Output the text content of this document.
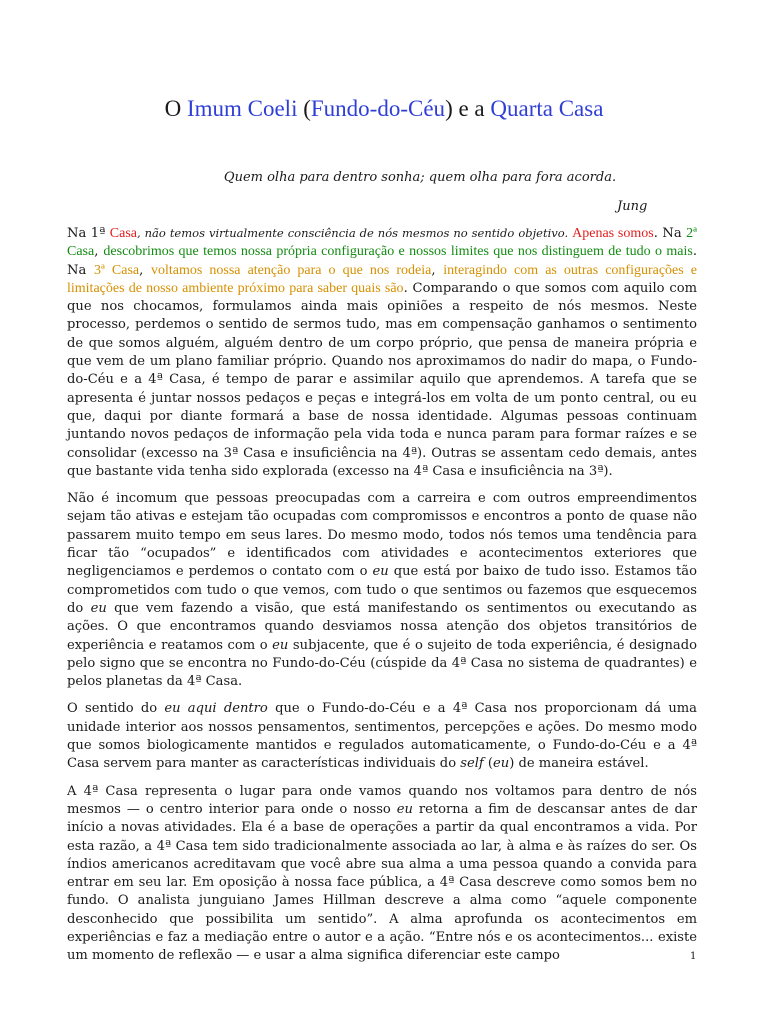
O Imum Coeli (Fundo-do-Céu) e a Quarta Casa
Quem olha para dentro sonha; quem olha para fora acorda.
Jung

Na 1ª Casa, não temos virtualmente consciência de nós mesmos no sentido objetivo. Apenas somos. Na 2ª Casa, descobrimos que temos nossa própria configuração e nossos limites que nos distinguem de tudo o mais. Na 3ª Casa, voltamos nossa atenção para o que nos rodeia, interagindo com as outras configurações e limitações de nosso ambiente próximo para saber quais são. Comparando o que somos com aquilo com que nos chocamos, formulamos ainda mais opiniões a respeito de nós mesmos. Neste processo, perdemos o sentido de sermos tudo, mas em compensação ganhamos o sentimento de que somos alguém, alguém dentro de um corpo próprio, que pensa de maneira própria e que vem de um plano familiar próprio. Quando nos aproximamos do nadir do mapa, o Fundo-do-Céu e a 4ª Casa, é tempo de parar e assimilar aquilo que aprendemos. A tarefa que se apresenta é juntar nossos pedaços e peças e integrá-los em volta de um ponto central, ou eu que, daqui por diante formará a base de nossa identidade. Algumas pessoas continuam juntando novos pedaços de informação pela vida toda e nunca param para formar raízes e se consolidar (excesso na 3ª Casa e insuficiência na 4ª). Outras se assentam cedo demais, antes que bastante vida tenha sido explorada (excesso na 4ª Casa e insuficiência na 3ª).

Não é incomum que pessoas preocupadas com a carreira e com outros empreendimentos sejam tão ativas e estejam tão ocupadas com compromissos e encontros a ponto de quase não passarem muito tempo em seus lares. Do mesmo modo, todos nós temos uma tendência para ficar tão “ocupados” e identificados com atividades e acontecimentos exteriores que negligenciamos e perdemos o contato com o eu que está por baixo de tudo isso. Estamos tão comprometidos com tudo o que vemos, com tudo o que sentimos ou fazemos que esquecemos do eu que vem fazendo a visão, que está manifestando os sentimentos ou executando as ações. O que encontramos quando desviamos nossa atenção dos objetos transitórios de experiência e reatamos com o eu subjacente, que é o sujeito de toda experiência, é designado pelo signo que se encontra no Fundo-do-Céu (cúspide da 4ª Casa no sistema de quadrantes) e pelos planetas da 4ª Casa.

O sentido do eu aqui dentro que o Fundo-do-Céu e a 4ª Casa nos proporcionam dá uma unidade interior aos nossos pensamentos, sentimentos, percepções e ações. Do mesmo modo que somos biologicamente mantidos e regulados automaticamente, o Fundo-do-Céu e a 4ª Casa servem para manter as características individuais do self (eu) de maneira estável.

A 4ª Casa representa o lugar para onde vamos quando nos voltamos para dentro de nós mesmos — o centro interior para onde o nosso eu retorna a fim de descansar antes de dar início a novas atividades. Ela é a base de operações a partir da qual encontramos a vida. Por esta razão, a 4ª Casa tem sido tradicionalmente associada ao lar, à alma e às raízes do ser. Os índios americanos acreditavam que você abre sua alma a uma pessoa quando a convida para entrar em seu lar. Em oposição à nossa face pública, a 4ª Casa descreve como somos bem no fundo. O analista junguiano James Hillman descreve a alma como “aquele componente desconhecido que possibilita um sentido”. A alma aprofunda os acontecimentos em experiências e faz a mediação entre o autor e a ação. “Entre nós e os acontecimentos... existe um momento de reflexão — e usar a alma significa diferenciar este campo	1
